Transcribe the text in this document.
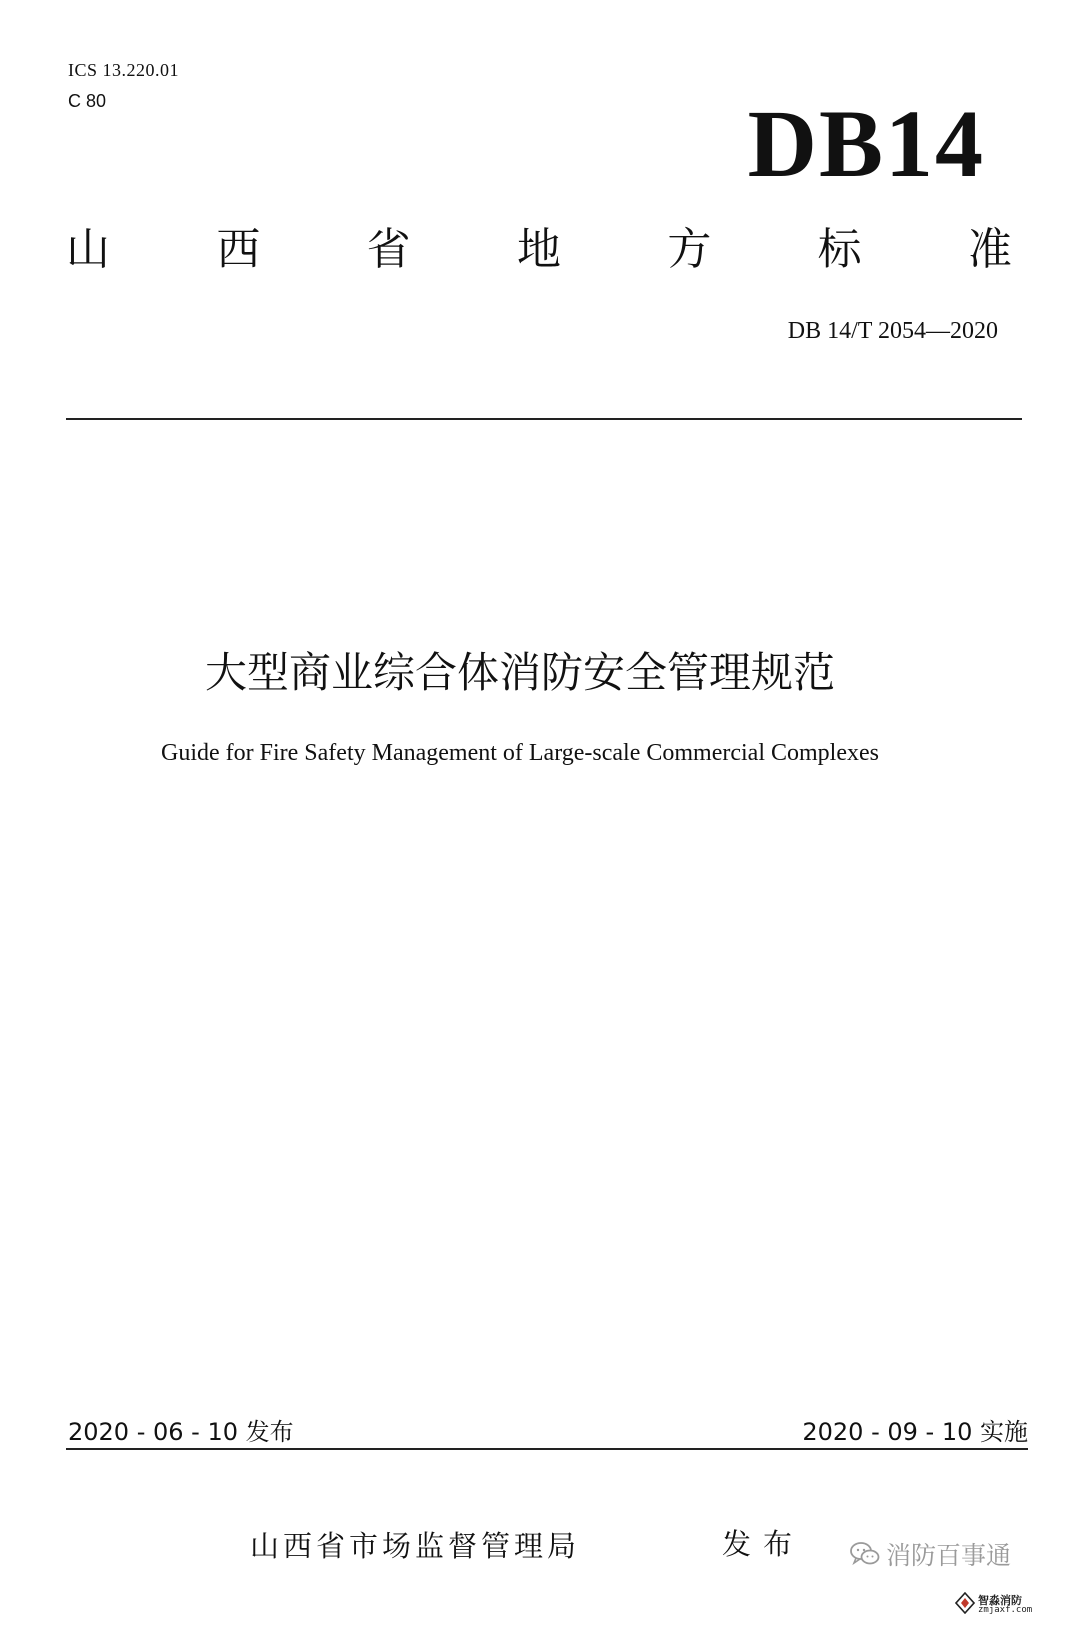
ICS 13.220.01
C 80	DB14
山 西 省 地 方 标 准
DB 14/T 2054—2020
大型商业综合体消防安全管理规范
Guide for Fire Safety Management of Large-scale Commercial Complexes
2020 - 06 - 10 发布	2020 - 09 - 10 实施
山西省市场监督管理局	发布	消防百事通
智淼消防
zmjaxf.com
